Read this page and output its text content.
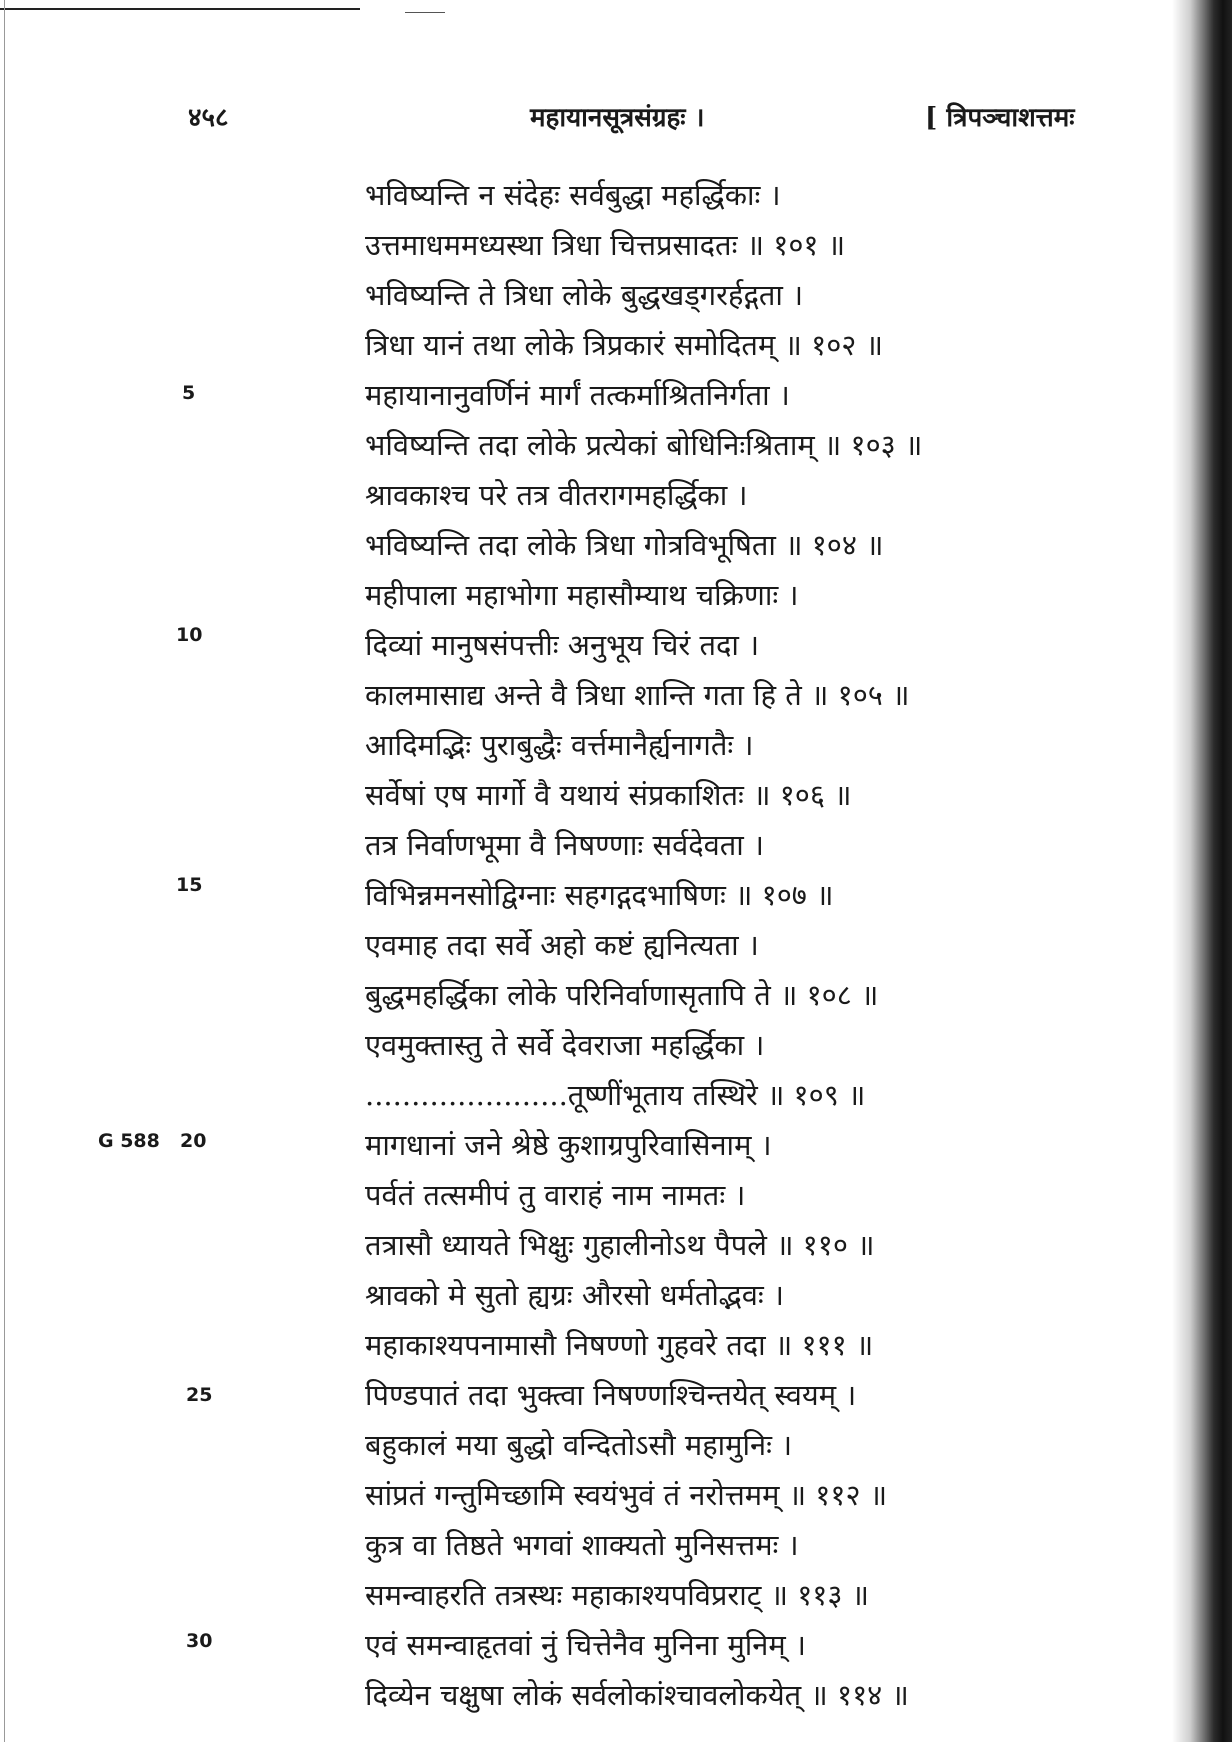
४५८	महायानसूत्रसंग्रहः ।	[ त्रिपञ्चाशत्तमः
5
10
15
G 588 20
25
30
भविष्यन्ति न संदेहः सर्वबुद्धा महर्द्धिकाः ।
उत्तमाधममध्यस्था त्रिधा चित्तप्रसादतः ॥ १०१ ॥
भविष्यन्ति ते त्रिधा लोके बुद्धखड्गरर्हद्गता ।
त्रिधा यानं तथा लोके त्रिप्रकारं समोदितम् ॥ १०२ ॥
महायानानुवर्णिनं मार्गं तत्कर्माश्रितनिर्गता ।
भविष्यन्ति तदा लोके प्रत्येकां बोधिनिःश्रिताम् ॥ १०३ ॥
श्रावकाश्च परे तत्र वीतरागमहर्द्धिका ।
भविष्यन्ति तदा लोके त्रिधा गोत्रविभूषिता ॥ १०४ ॥
महीपाला महाभोगा महासौम्याथ चक्रिणाः ।
दिव्यां मानुषसंपत्तीः अनुभूय चिरं तदा ।
कालमासाद्य अन्ते वै त्रिधा शान्ति गता हि ते ॥ १०५ ॥
आदिमद्भिः पुराबुद्धैः वर्त्तमानैर्ह्यनागतैः ।
सर्वेषां एष मार्गो वै यथायं संप्रकाशितः ॥ १०६ ॥
तत्र निर्वाणभूमा वै निषण्णाः सर्वदेवता ।
विभिन्नमनसोद्विग्नाः सहगद्गदभाषिणः ॥ १०७ ॥
एवमाह तदा सर्वे अहो कष्टं ह्यनित्यता ।
बुद्धमहर्द्धिका लोके परिनिर्वाणासृतापि ते ॥ १०८ ॥
एवमुक्तास्तु ते सर्वे देवराजा महर्द्धिका ।
......................तूष्णींभूताय तस्थिरे ॥ १०९ ॥
मागधानां जने श्रेष्ठे कुशाग्रपुरिवासिनाम् ।
पर्वतं तत्समीपं तु वाराहं नाम नामतः ।
तत्रासौ ध्यायते भिक्षुः गुहालीनोऽथ पैपले ॥ ११० ॥
श्रावको मे सुतो ह्यग्रः औरसो धर्मतोद्भवः ।
महाकाश्यपनामासौ निषण्णो गुहवरे तदा ॥ १११ ॥
पिण्डपातं तदा भुक्त्वा निषण्णश्चिन्तयेत् स्वयम् ।
बहुकालं मया बुद्धो वन्दितोऽसौ महामुनिः ।
सांप्रतं गन्तुमिच्छामि स्वयंभुवं तं नरोत्तमम् ॥ ११२ ॥
कुत्र वा तिष्ठते भगवां शाक्यतो मुनिसत्तमः ।
समन्वाहरति तत्रस्थः महाकाश्यपविप्रराट् ॥ ११३ ॥
एवं समन्वाहृतवां नुं चित्तेनैव मुनिना मुनिम् ।
दिव्येन चक्षुषा लोकं सर्वलोकांश्चावलोकयेत् ॥ ११४ ॥
